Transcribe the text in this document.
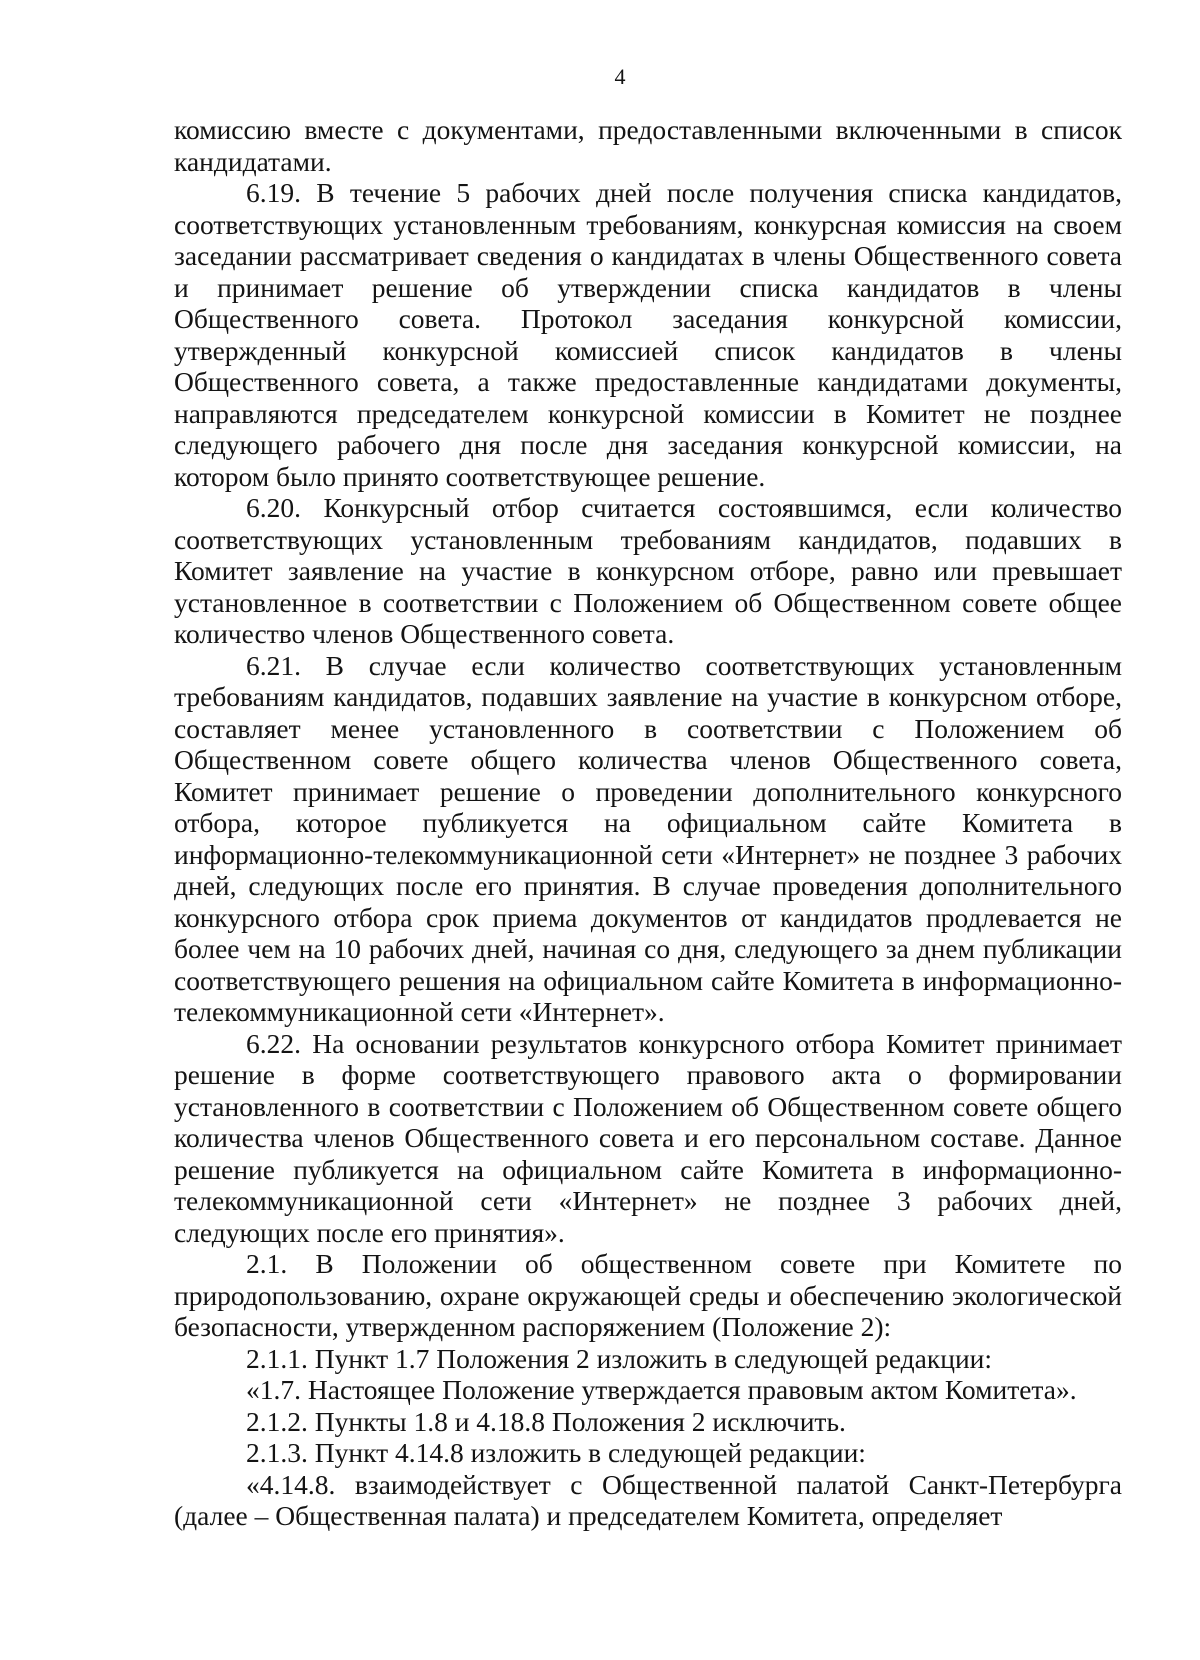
4

комиссию вместе с документами, предоставленными включенными в список кандидатами.

6.19. В течение 5 рабочих дней после получения списка кандидатов, соответствующих установленным требованиям, конкурсная комиссия на своем заседании рассматривает сведения о кандидатах в члены Общественного совета и принимает решение об утверждении списка кандидатов в члены Общественного совета. Протокол заседания конкурсной комиссии, утвержденный конкурсной комиссией список кандидатов в члены Общественного совета, а также предоставленные кандидатами документы, направляются председателем конкурсной комиссии в Комитет не позднее следующего рабочего дня после дня заседания конкурсной комиссии, на котором было принято соответствующее решение.

6.20. Конкурсный отбор считается состоявшимся, если количество соответствующих установленным требованиям кандидатов, подавших в Комитет заявление на участие в конкурсном отборе, равно или превышает установленное в соответствии с Положением об Общественном совете общее количество членов Общественного совета.

6.21. В случае если количество соответствующих установленным требованиям кандидатов, подавших заявление на участие в конкурсном отборе, составляет менее установленного в соответствии с Положением об Общественном совете общего количества членов Общественного совета, Комитет принимает решение о проведении дополнительного конкурсного отбора, которое публикуется на официальном сайте Комитета в информационно-телекоммуникационной сети «Интернет» не позднее 3 рабочих дней, следующих после его принятия. В случае проведения дополнительного конкурсного отбора срок приема документов от кандидатов продлевается не более чем на 10 рабочих дней, начиная со дня, следующего за днем публикации соответствующего решения на официальном сайте Комитета в информационно-телекоммуникационной сети «Интернет».

6.22. На основании результатов конкурсного отбора Комитет принимает решение в форме соответствующего правового акта о формировании установленного в соответствии с Положением об Общественном совете общего количества членов Общественного совета и его персональном составе. Данное решение публикуется на официальном сайте Комитета в информационно-телекоммуникационной сети «Интернет» не позднее 3 рабочих дней, следующих после его принятия».

2.1. В Положении об общественном совете при Комитете по природопользованию, охране окружающей среды и обеспечению экологической безопасности, утвержденном распоряжением (Положение 2):

2.1.1. Пункт 1.7 Положения 2 изложить в следующей редакции:

«1.7. Настоящее Положение утверждается правовым актом Комитета».

2.1.2. Пункты 1.8 и 4.18.8 Положения 2 исключить.

2.1.3. Пункт 4.14.8 изложить в следующей редакции:

«4.14.8. взаимодействует с Общественной палатой Санкт-Петербурга (далее – Общественная палата) и председателем Комитета, определяет
